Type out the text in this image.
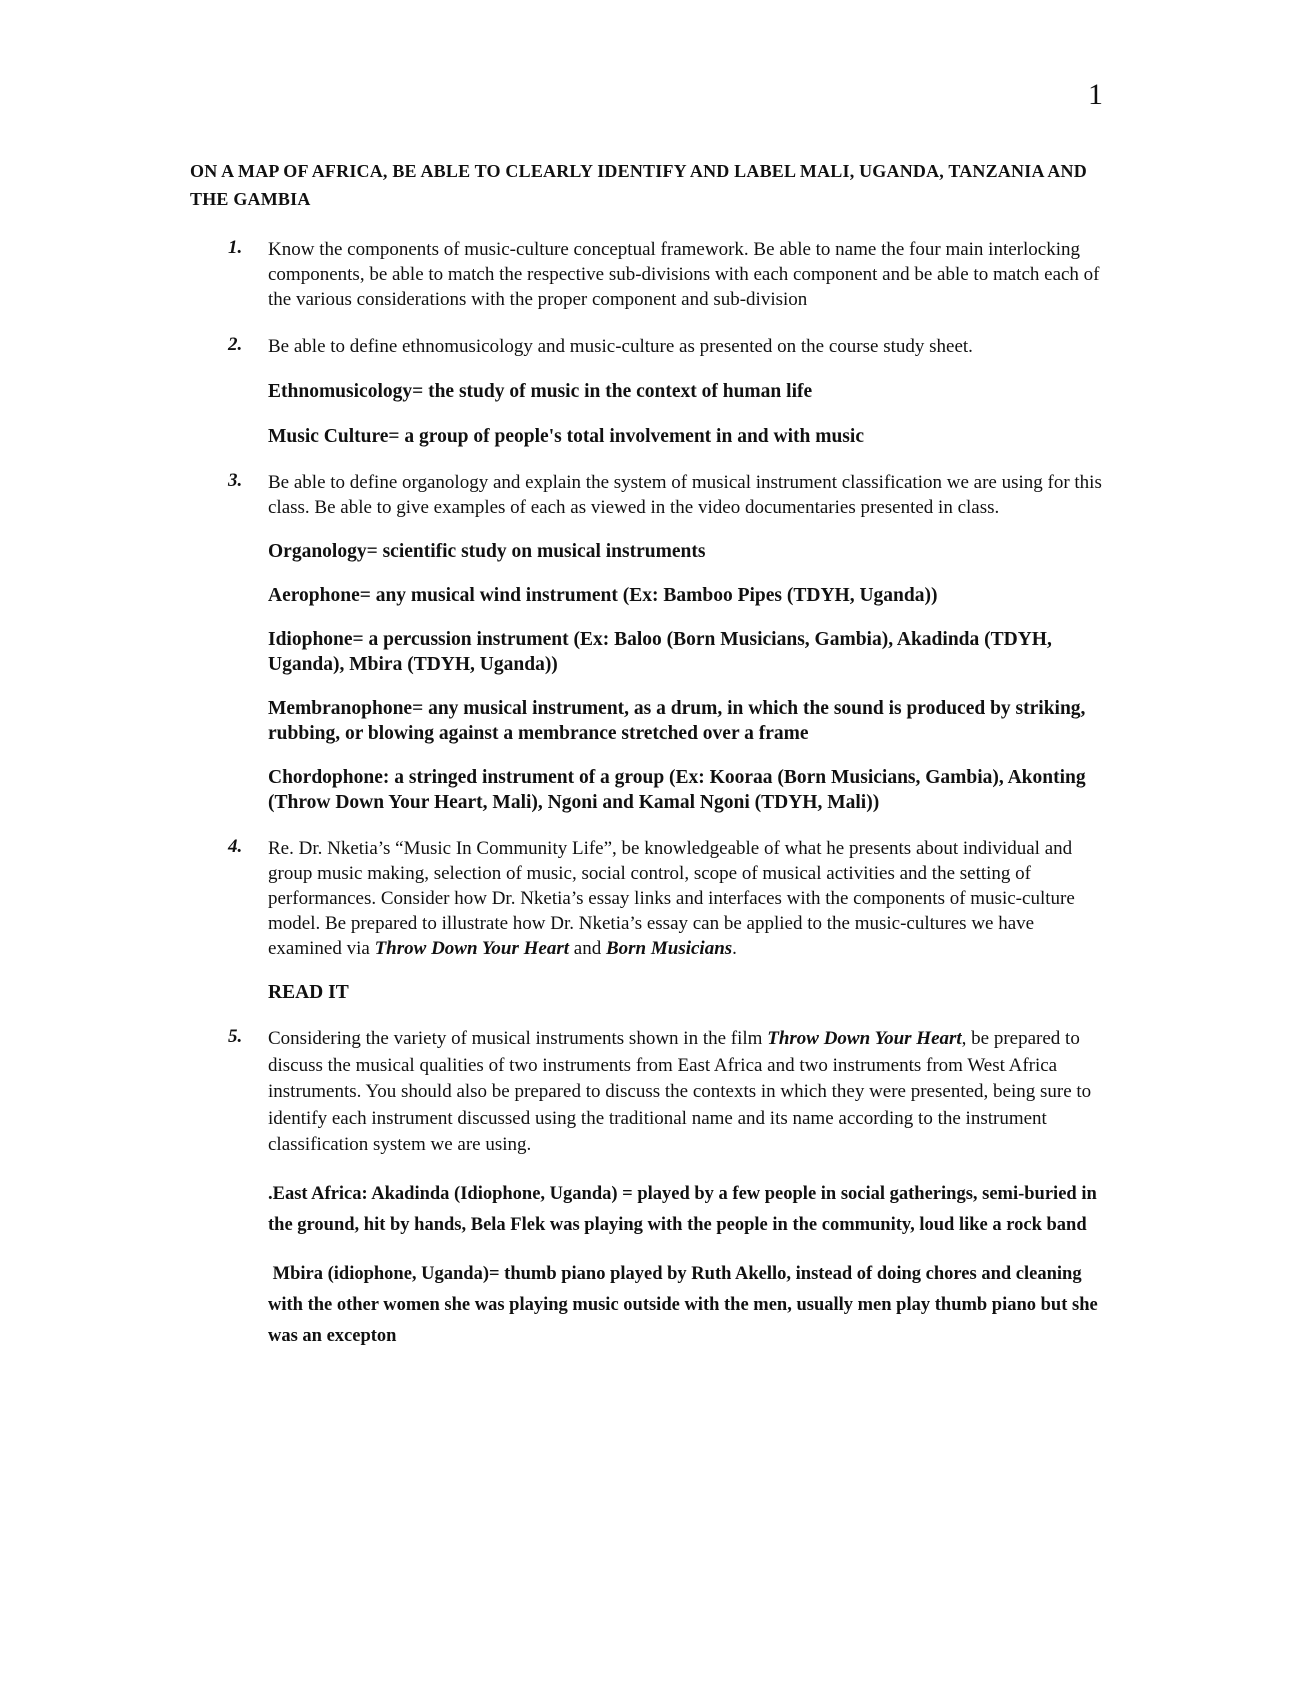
1
ON A MAP OF AFRICA, BE ABLE TO CLEARLY IDENTIFY AND LABEL MALI, UGANDA, TANZANIA AND THE GAMBIA
1. Know the components of music-culture conceptual framework. Be able to name the four main interlocking components, be able to match the respective sub-divisions with each component and be able to match each of the various considerations with the proper component and sub-division
2. Be able to define ethnomusicology and music-culture as presented on the course study sheet.
Ethnomusicology= the study of music in the context of human life
Music Culture= a group of people's total involvement in and with music
3. Be able to define organology and explain the system of musical instrument classification we are using for this class. Be able to give examples of each as viewed in the video documentaries presented in class.
Organology= scientific study on musical instruments
Aerophone= any musical wind instrument (Ex: Bamboo Pipes (TDYH, Uganda))
Idiophone= a percussion instrument (Ex: Baloo (Born Musicians, Gambia), Akadinda (TDYH, Uganda), Mbira (TDYH, Uganda))
Membranophone= any musical instrument, as a drum, in which the sound is produced by striking, rubbing, or blowing against a membrance stretched over a frame
Chordophone: a stringed instrument of a group (Ex: Kooraa (Born Musicians, Gambia), Akonting (Throw Down Your Heart, Mali), Ngoni and Kamal Ngoni (TDYH, Mali))
4. Re. Dr. Nketia’s “Music In Community Life”, be knowledgeable of what he presents about individual and group music making, selection of music, social control, scope of musical activities and the setting of performances. Consider how Dr. Nketia’s essay links and interfaces with the components of music-culture model. Be prepared to illustrate how Dr. Nketia’s essay can be applied to the music-cultures we have examined via Throw Down Your Heart and Born Musicians.
READ IT
5. Considering the variety of musical instruments shown in the film Throw Down Your Heart, be prepared to discuss the musical qualities of two instruments from East Africa and two instruments from West Africa instruments. You should also be prepared to discuss the contexts in which they were presented, being sure to identify each instrument discussed using the traditional name and its name according to the instrument classification system we are using.
.East Africa: Akadinda (Idiophone, Uganda) = played by a few people in social gatherings, semi-buried in the ground, hit by hands, Bela Flek was playing with the people in the community, loud like a rock band
Mbira (idiophone, Uganda)= thumb piano played by Ruth Akello, instead of doing chores and cleaning with the other women she was playing music outside with the men, usually men play thumb piano but she was an excepton
